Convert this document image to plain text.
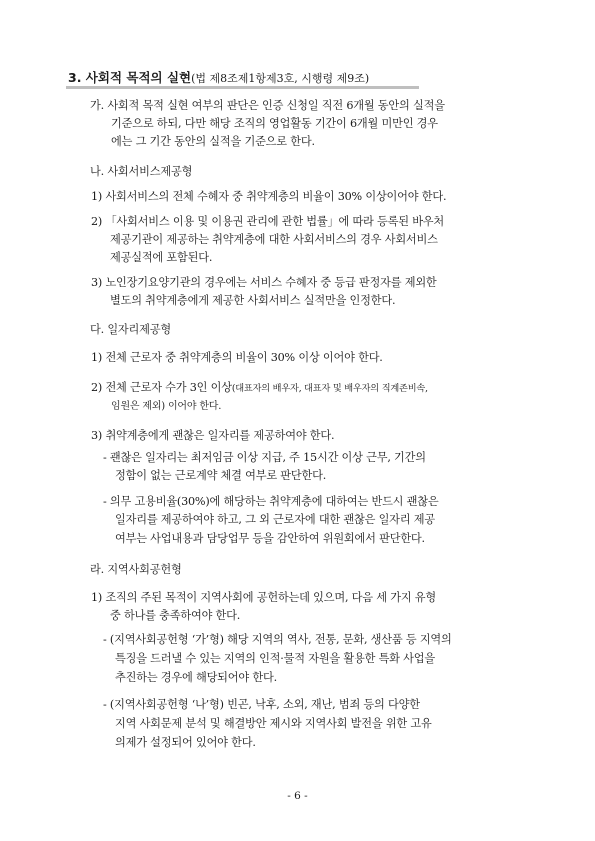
3. 사회적 목적의 실현(법 제8조제1항제3호, 시행령 제9조)
가. 사회적 목적 실현 여부의 판단은 인증 신청일 직전 6개월 동안의 실적을
기준으로 하되, 다만 해당 조직의 영업활동 기간이 6개월 미만인 경우
에는 그 기간 동안의 실적을 기준으로 한다.
나. 사회서비스제공형
1) 사회서비스의 전체 수혜자 중 취약계층의 비율이 30% 이상이어야 한다.
2) 「사회서비스 이용 및 이용권 관리에 관한 법률」에 따라 등록된 바우처
제공기관이 제공하는 취약계층에 대한 사회서비스의 경우 사회서비스
제공실적에 포함된다.
3) 노인장기요양기관의 경우에는 서비스 수혜자 중 등급 판정자를 제외한
별도의 취약계층에게 제공한 사회서비스 실적만을 인정한다.
다. 일자리제공형
1) 전체 근로자 중 취약계층의 비율이 30% 이상 이어야 한다.
2) 전체 근로자 수가 3인 이상(대표자의 배우자, 대표자 및 배우자의 직계존비속,
임원은 제외) 이어야 한다.
3) 취약계층에게 괜찮은 일자리를 제공하여야 한다.
- 괜찮은 일자리는 최저임금 이상 지급, 주 15시간 이상 근무, 기간의
정함이 없는 근로계약 체결 여부로 판단한다.
- 의무 고용비율(30%)에 해당하는 취약계층에 대하여는 반드시 괜찮은
일자리를 제공하여야 하고, 그 외 근로자에 대한 괜찮은 일자리 제공
여부는 사업내용과 담당업무 등을 감안하여 위원회에서 판단한다.
라. 지역사회공헌형
1) 조직의 주된 목적이 지역사회에 공헌하는데 있으며, 다음 세 가지 유형
중 하나를 충족하여야 한다.
- (지역사회공헌형 ‘가’형) 해당 지역의 역사, 전통, 문화, 생산품 등 지역의
특징을 드러낼 수 있는 지역의 인적·물적 자원을 활용한 특화 사업을
추진하는 경우에 해당되어야 한다.
- (지역사회공헌형 ‘나’형) 빈곤, 낙후, 소외, 재난, 범죄 등의 다양한
지역 사회문제 분석 및 해결방안 제시와 지역사회 발전을 위한 고유
의제가 설정되어 있어야 한다.
- 6 -
